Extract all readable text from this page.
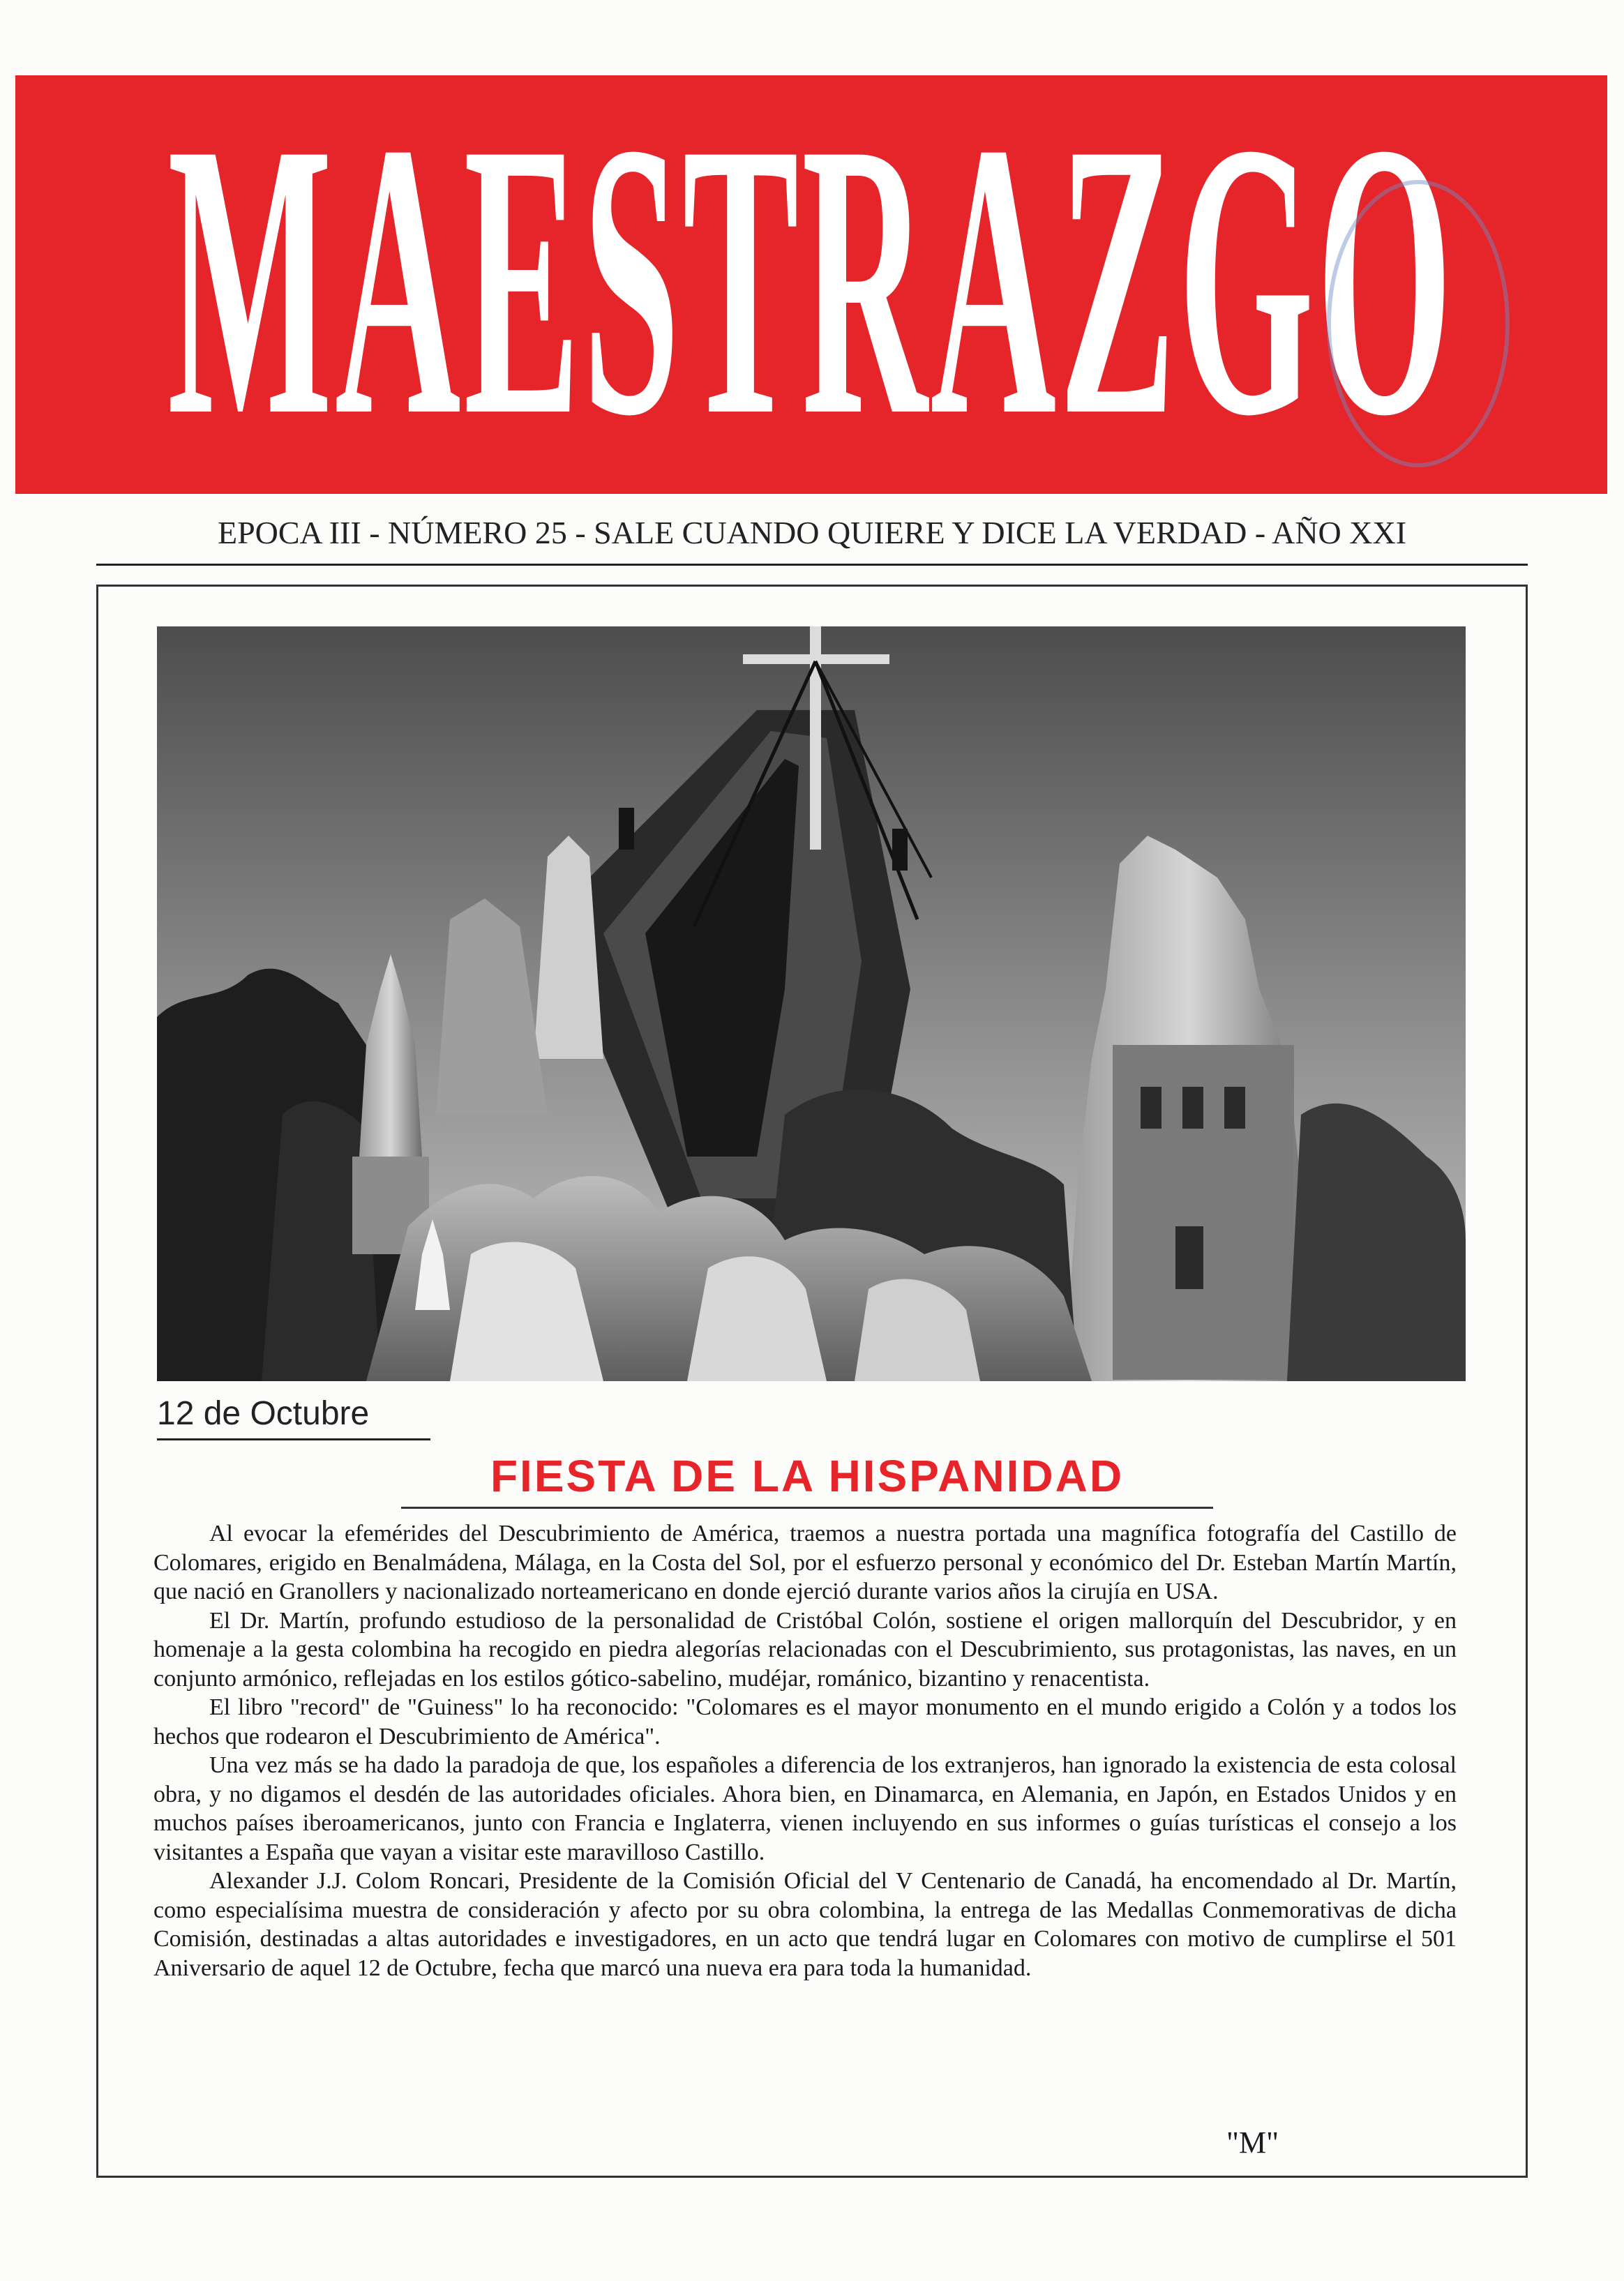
MAESTRAZGO
EPOCA III - NÚMERO 25 - SALE CUANDO QUIERE Y DICE LA VERDAD - AÑO XXI
12 de Octubre
FIESTA DE LA HISPANIDAD

Al evocar la efemérides del Descubrimiento de América, traemos a nuestra portada una magnífica fotografía del Castillo de Colomares, erigido en Benalmádena, Málaga, en la Costa del Sol, por el esfuerzo personal y económico del Dr. Esteban Martín Martín, que nació en Granollers y nacionalizado norteamericano en donde ejerció durante varios años la cirujía en USA.

El Dr. Martín, profundo estudioso de la personalidad de Cristóbal Colón, sostiene el origen mallorquín del Descubridor, y en homenaje a la gesta colombina ha recogido en piedra alegorías relacionadas con el Descubrimiento, sus protagonistas, las naves, en un conjunto armónico, reflejadas en los estilos gótico-sabelino, mudéjar, románico, bizantino y renacentista.

El libro "record" de "Guiness" lo ha reconocido: "Colomares es el mayor monumento en el mundo erigido a Colón y a todos los hechos que rodearon el Descubrimiento de América".

Una vez más se ha dado la paradoja de que, los españoles a diferencia de los extranjeros, han ignorado la existencia de esta colosal obra, y no digamos el desdén de las autoridades oficiales. Ahora bien, en Dinamarca, en Alemania, en Japón, en Estados Unidos y en muchos países iberoamericanos, junto con Francia e Inglaterra, vienen incluyendo en sus informes o guías turísticas el consejo a los visitantes a España que vayan a visitar este maravilloso Castillo.

Alexander J.J. Colom Roncari, Presidente de la Comisión Oficial del V Centenario de Canadá, ha encomendado al Dr. Martín, como especialísima muestra de consideración y afecto por su obra colombina, la entrega de las Medallas Conmemorativas de dicha Comisión, destinadas a altas autoridades e investigadores, en un acto que tendrá lugar en Colomares con motivo de cumplirse el 501 Aniversario de aquel 12 de Octubre, fecha que marcó una nueva era para toda la humanidad.

"M"
